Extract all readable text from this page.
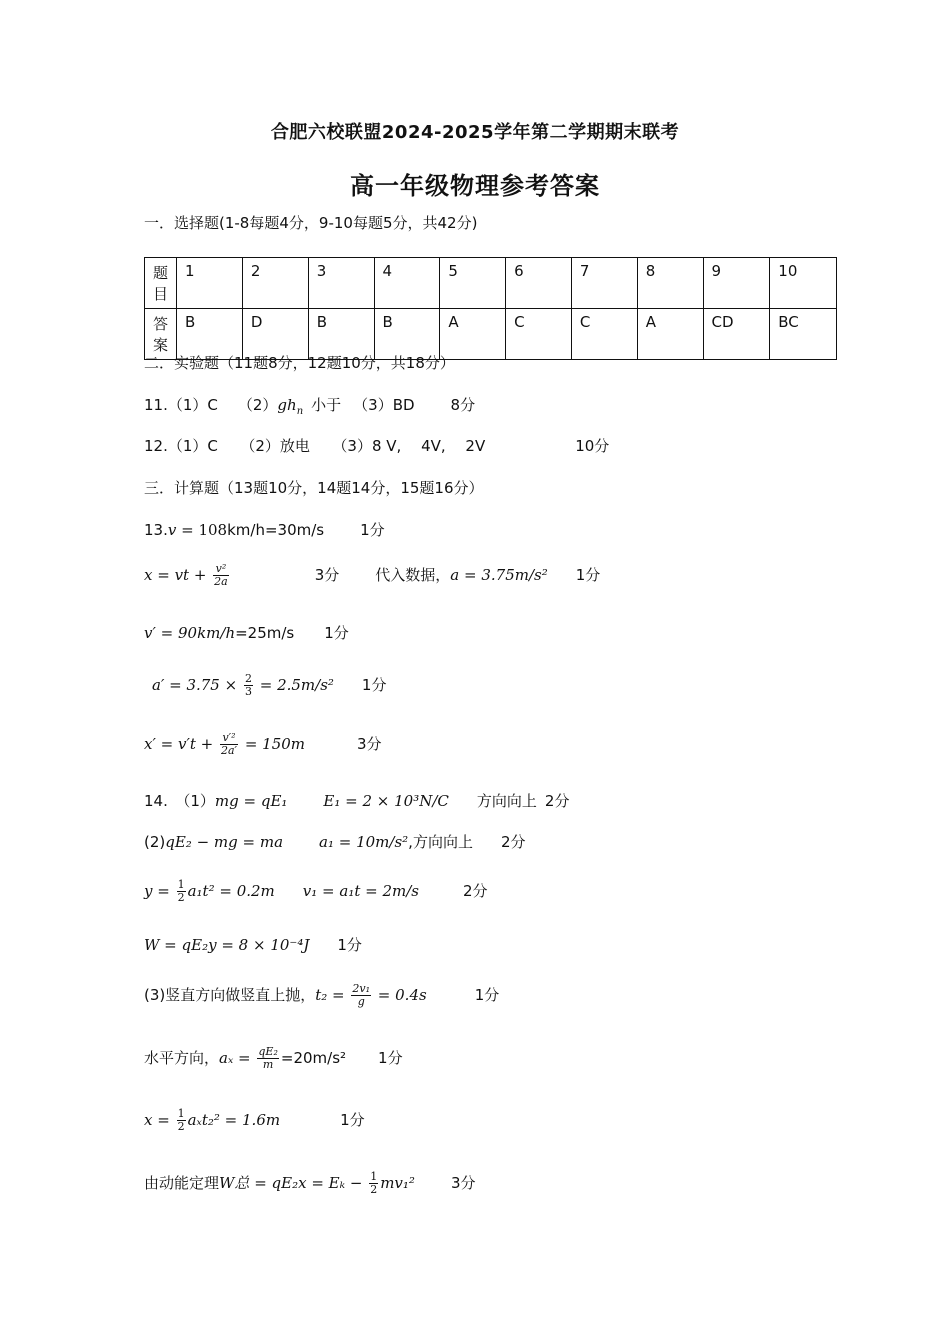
合肥六校联盟2024-2025学年第二学期期末联考
高一年级物理参考答案
一．选择题(1-8每题4分，9-10每题5分，共42分)
题目	1	2	3	4	5	6	7	8	9	10
答案	B	D	B	B	A	C	C	A	CD	BC
二．实验题（11题8分，12题10分，共18分）
11.（1）C $(2)gh_n$ 小于 （3）BD 8分
12.（1）C　　（2）放电　　（3）8 V,　 4V,　 2V	10分
三．计算题（13题10分，14题14分，15题16分）
13.v = 108km/h=30m/s 1分
x = vt + $\frac{\text{v²}}{2a}$	3分 代入数据，a = 3.75m/s² 1分
v′ = 90km/h=25m/s 1分
$a' = 3.75 \times \frac{2}{3} = 2.5m/s^2$ 1分
$x' = v't + \frac{\text{v′²}}{2a'} = 150m$	3分
14.　（1）mg = qE₁ E₁ = 2 × 10³N/C 方向向上 2分
(2)qE₂ − mg = ma a₁ = 10m/s²,方向向上 2分
$y = \frac{1}{2} a_1t^2 = 0.2m$ v₁ = a₁t = 2m/s	2分
W = qE₂y = 8 × 10⁻⁴J 1分
(3)竖直方向做竖直上抛，$t_2 = \frac{\text{2v₁}}{g} = 0.4s$	1分
水平方向，$a_x = \frac{\text{qE₂}}{m} =20m/s^2$ 1分
$x = \frac{1}{2} a_xt_2^2 = 1.6m$	1分
由动能定理W总 = $qE_2x = E_k - \frac{1}{2} mv_1^2$ 3分
